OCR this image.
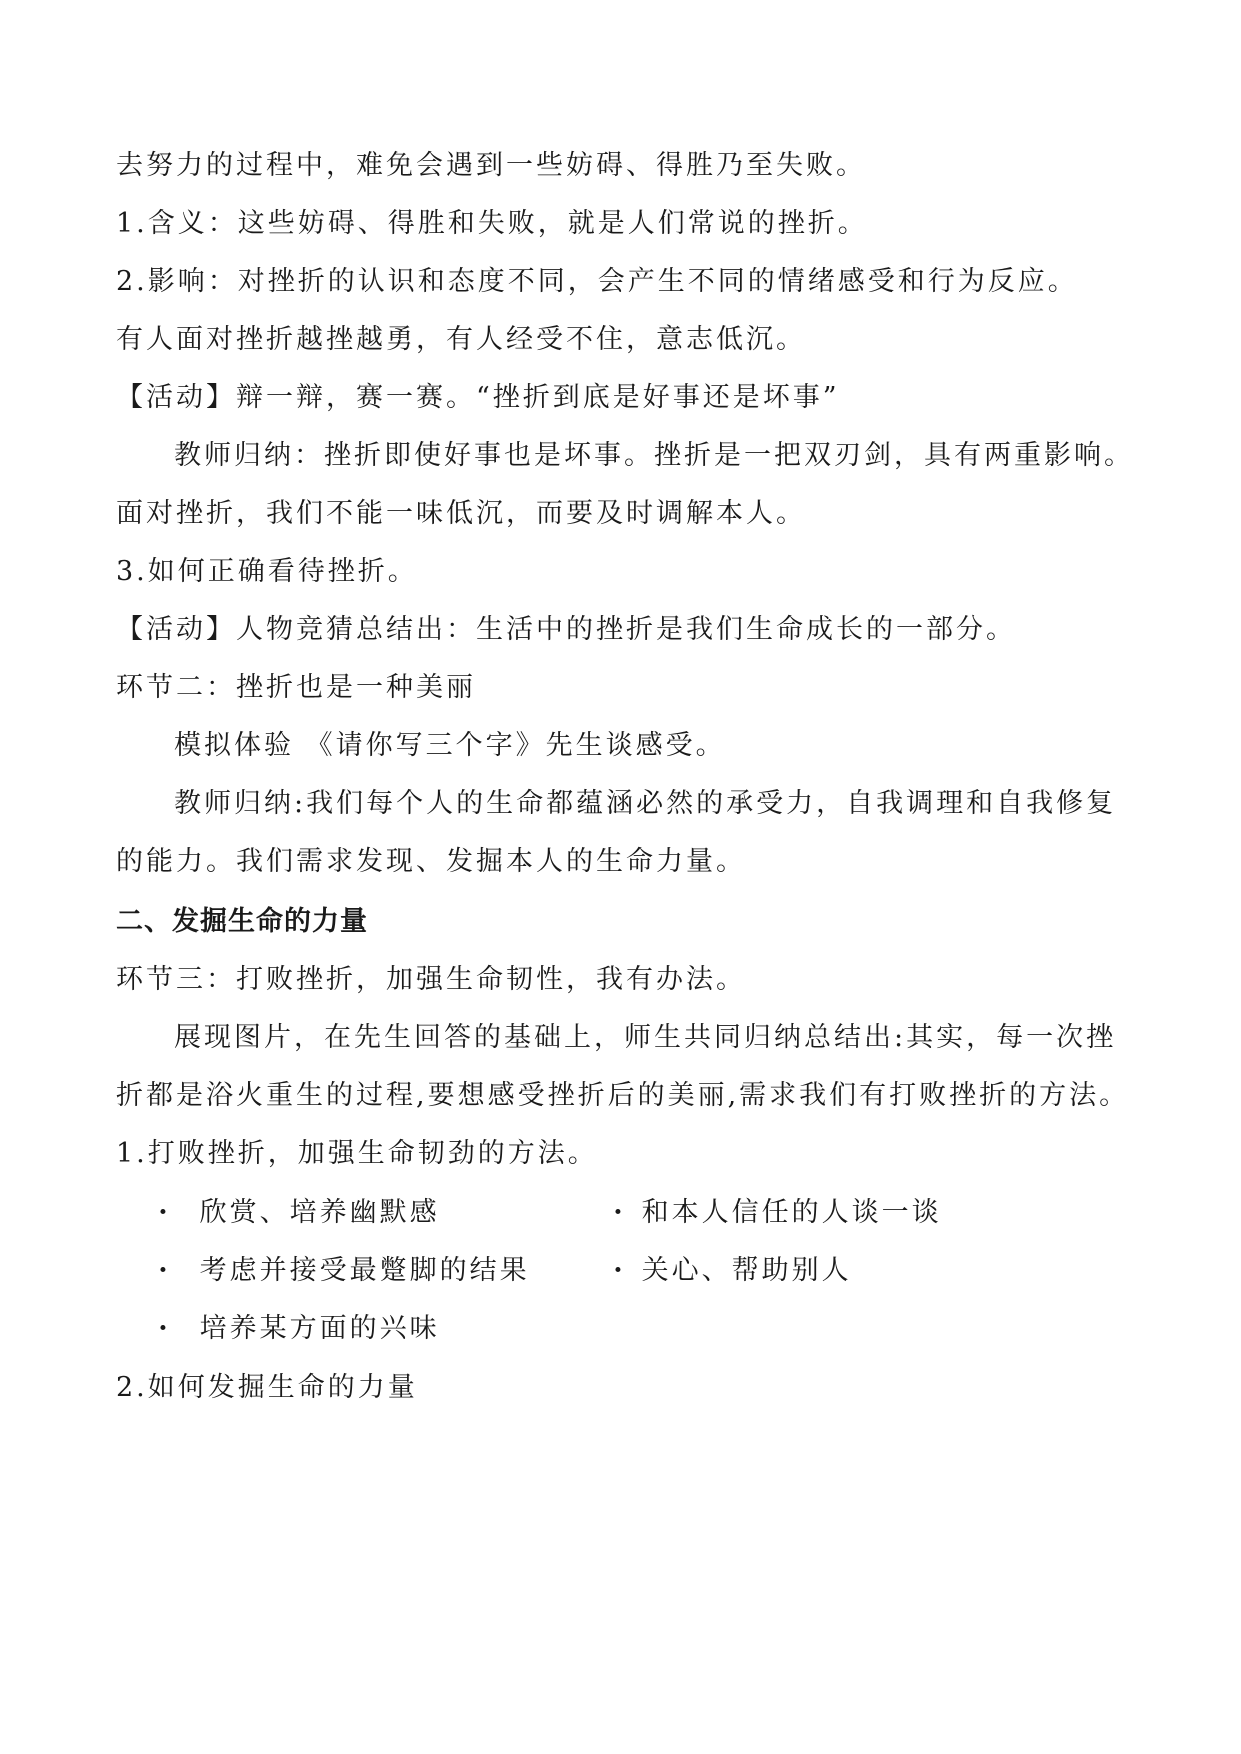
去努力的过程中，难免会遇到一些妨碍、得胜乃至失败。
1.含义：这些妨碍、得胜和失败，就是人们常说的挫折。
2.影响：对挫折的认识和态度不同，会产生不同的情绪感受和行为反应。
有人面对挫折越挫越勇，有人经受不住，意志低沉。
【活动】辩一辩，赛一赛。“挫折到底是好事还是坏事”
教师归纳：挫折即使好事也是坏事。挫折是一把双刃剑，具有两重影响。
面对挫折，我们不能一味低沉，而要及时调解本人。
3.如何正确看待挫折。
【活动】人物竞猜总结出：生活中的挫折是我们生命成长的一部分。
环节二：挫折也是一种美丽
模拟体验 《请你写三个字》先生谈感受。
教师归纳:我们每个人的生命都蕴涵必然的承受力，自我调理和自我修复
的能力。我们需求发现、发掘本人的生命力量。
二、发掘生命的力量
环节三：打败挫折，加强生命韧性，我有办法。
展现图片，在先生回答的基础上，师生共同归纳总结出:其实，每一次挫
折都是浴火重生的过程,要想感受挫折后的美丽,需求我们有打败挫折的方法。
1.打败挫折，加强生命韧劲的方法。
· 欣赏、培养幽默感	· 和本人信任的人谈一谈
· 考虑并接受最蹩脚的结果	· 关心、帮助别人
· 培养某方面的兴味
2.如何发掘生命的力量
